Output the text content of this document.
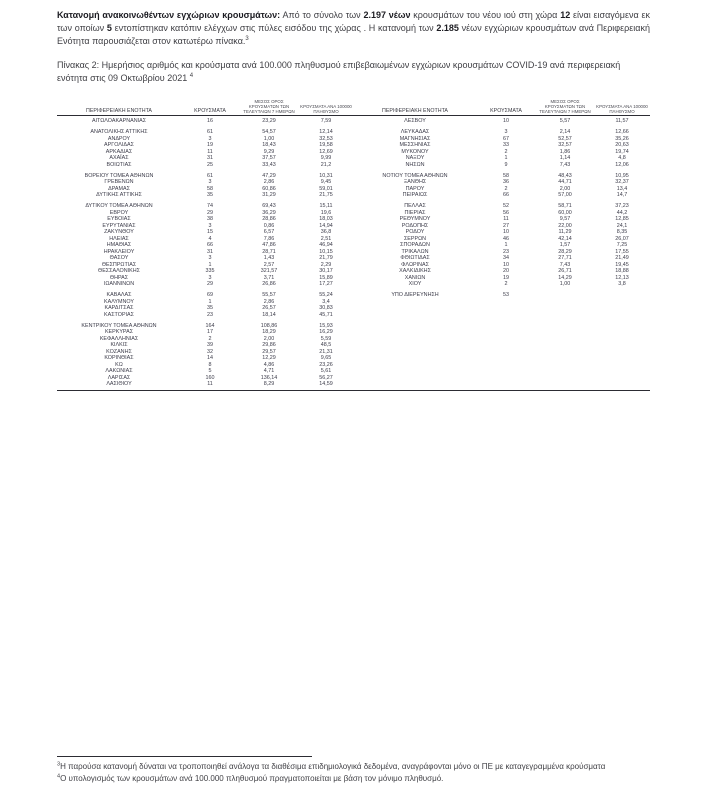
Κατανομή ανακοινωθέντων εγχώριων κρουσμάτων: Από το σύνολο των 2.197 νέων κρουσμάτων του νέου ιού στη χώρα 12 είναι εισαγόμενα εκ των οποίων 5 εντοπίστηκαν κατόπιν ελέγχων στις πύλες εισόδου της χώρας . Η κατανομή των 2.185 νέων εγχώριων κρουσμάτων ανά Περιφερειακή Ενότητα παρουσιάζεται στον κατωτέρω πίνακα.$^3$

Πίνακας 2: Ημερήσιος αριθμός και κρούσματα ανά 100.000 πληθυσμού επιβεβαιωμένων εγχώριων κρουσμάτων COVID-19 ανά περιφερειακή ενότητα στις 09 Οκτωβρίου 2021 $^4$

ΠΕΡΙΦΕΡΕΙΑΚΗ ΕΝΟΤΗΤΑ	ΚΡΟΥΣΜΑΤΑ
ΜΕΣΟΣ ΟΡΟΣ ΚΡΟΥΣΜΑΤΩΝ ΤΩΝ ΤΕΛΕΥΤΑΙΩΝ 7 ΗΜΕΡΩΝ
ΚΡΟΥΣΜΑΤΑ ΑΝΑ 100000 ΠΛΗΘΥΣΜΟ	ΠΕΡΙΦΕΡΕΙΑΚΗ ΕΝΟΤΗΤΑ	ΚΡΟΥΣΜΑΤΑ
ΜΕΣΟΣ ΟΡΟΣ ΚΡΟΥΣΜΑΤΩΝ ΤΩΝ ΤΕΛΕΥΤΑΙΩΝ 7 ΗΜΕΡΩΝ
ΚΡΟΥΣΜΑΤΑ ΑΝΑ 100000 ΠΛΗΘΥΣΜΟ
ΑΙΤΩΛΟΑΚΑΡΝΑΝΙΑΣ	16	23,29	7,59
ΑΝΑΤΟΛΙΚΗΣ ΑΤΤΙΚΗΣ	61	54,57	12,14
ΑΝΔΡΟΥ	3	1,00	32,53
ΑΡΓΟΛΙΔΑΣ	19	18,43	19,58
ΑΡΚΑΔΙΑΣ	11	9,29	12,69
ΑΧΑΪΑΣ	31	37,57	9,99
ΒΟΙΩΤΙΑΣ	25	33,43	21,2
ΒΟΡΕΙΟΥ ΤΟΜΕΑ ΑΘΗΝΩΝ	61	47,29	10,31
ΓΡΕΒΕΝΩΝ	3	2,86	9,45
ΔΡΑΜΑΣ	58	60,86	59,01
ΔΥΤΙΚΗΣ ΑΤΤΙΚΗΣ	35	31,29	21,75
ΔΥΤΙΚΟΥ ΤΟΜΕΑ ΑΘΗΝΩΝ	74	69,43	15,11
ΕΒΡΟΥ	29	36,29	19,6
ΕΥΒΟΙΑΣ	38	28,86	18,03
ΕΥΡΥΤΑΝΙΑΣ	3	0,86	14,94
ΖΑΚΥΝΘΟΥ	15	6,57	36,8
ΗΛΕΙΑΣ	4	7,86	2,51
ΗΜΑΘΙΑΣ	66	47,86	46,94
ΗΡΑΚΛΕΙΟΥ	31	28,71	10,15
ΘΑΣΟΥ	3	1,43	21,79
ΘΕΣΠΡΩΤΙΑΣ	1	2,57	2,29
ΘΕΣΣΑΛΟΝΙΚΗΣ	335	321,57	30,17
ΘΗΡΑΣ	3	3,71	15,89
ΙΩΑΝΝΙΝΩΝ	29	26,86	17,27
ΚΑΒΑΛΑΣ	69	55,57	55,24
ΚΑΛΥΜΝΟΥ	1	2,86	3,4
ΚΑΡΔΙΤΣΑΣ	35	26,57	30,83
ΚΑΣΤΟΡΙΑΣ	23	18,14	45,71
ΚΕΝΤΡΙΚΟΥ ΤΟΜΕΑ ΑΘΗΝΩΝ	164	108,86	15,93
ΚΕΡΚΥΡΑΣ	17	18,29	16,29
ΚΕΦΑΛΛΗΝΙΑΣ	2	2,00	5,59
ΚΙΛΚΙΣ	39	29,86	48,5
ΚΟΖΑΝΗΣ	32	29,57	21,31
ΚΟΡΙΝΘΙΑΣ	14	12,29	9,65
ΚΩ	8	4,86	23,26
ΛΑΚΩΝΙΑΣ	5	4,71	5,61
ΛΑΡΙΣΑΣ	160	136,14	56,27
ΛΑΣΙΘΙΟΥ	11	8,29	14,59
ΛΕΣΒΟΥ	10	5,57	11,57
ΛΕΥΚΑΔΑΣ	3	2,14	12,66
ΜΑΓΝΗΣΙΑΣ	67	52,57	35,26
ΜΕΣΣΗΝΙΑΣ	33	32,57	20,63
ΜΥΚΟΝΟΥ	2	1,86	19,74
ΝΑΞΟΥ	1	1,14	4,8
ΝΗΣΩΝ	9	7,43	12,06
ΝΟΤΙΟΥ ΤΟΜΕΑ ΑΘΗΝΩΝ	58	48,43	10,95
ΞΑΝΘΗΣ	36	44,71	32,37
ΠΑΡΟΥ	2	2,00	13,4
ΠΕΙΡΑΙΩΣ	66	57,00	14,7
ΠΕΛΛΑΣ	52	58,71	37,23
ΠΙΕΡΙΑΣ	56	60,00	44,2
ΡΕΘΥΜΝΟΥ	11	9,57	12,85
ΡΟΔΟΠΗΣ	27	22,00	24,1
ΡΟΔΟΥ	10	11,29	8,35
ΣΕΡΡΩΝ	46	42,14	26,07
ΣΠΟΡΑΔΩΝ	1	1,57	7,25
ΤΡΙΚΑΛΩΝ	23	28,29	17,55
ΦΘΙΩΤΙΔΑΣ	34	27,71	21,49
ΦΛΩΡΙΝΑΣ	10	7,43	19,45
ΧΑΛΚΙΔΙΚΗΣ	20	26,71	18,88
ΧΑΝΙΩΝ	19	14,29	12,13
ΧΙΟΥ	2	1,00	3,8
ΥΠΟ ΔΙΕΡΕΥΝΗΣΗ	53

$^3$Η παρούσα κατανομή δύναται να τροποποιηθεί ανάλογα τα διαθέσιμα επιδημιολογικά δεδομένα, αναγράφονται μόνο οι ΠΕ με καταγεγραμμένα κρούσματα

$^4$Ο υπολογισμός των κρουσμάτων ανά 100.000 πληθυσμού πραγματοποιείται με βάση τον μόνιμο πληθυσμό.
